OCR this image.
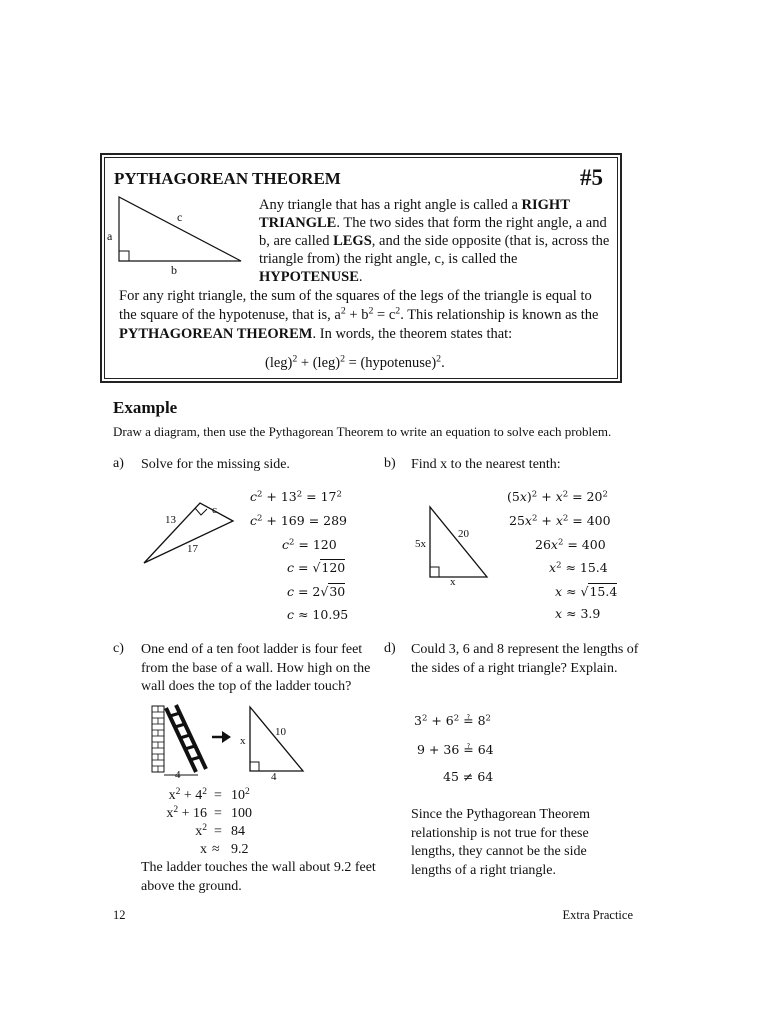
PYTHAGOREAN THEOREM	#5
a
c
b
Any triangle that has a right angle is called a RIGHT TRIANGLE. The two sides that form the right angle, a and b, are called LEGS, and the side opposite (that is, across the triangle from) the right angle, c, is called the HYPOTENUSE.
For any right triangle, the sum of the squares of the legs of the triangle is equal to the square of the hypotenuse, that is, $a^2 + b^2 = c^2$. This relationship is known as the PYTHAGOREAN THEOREM. In words, the theorem states that:
(leg)$^2$ + (leg)$^2$ = (hypotenuse)$^2$.
Example
Draw a diagram, then use the Pythagorean Theorem to write an equation to solve each problem.
a) Solve for the missing side.
13
c
17
$c^2 + 13^2 = 17^2$
$c^2 + 169 = 289$
$c^2 = 120$
c = √120
c = 2√30
c ≈ 10.95
b) Find x to the nearest tenth:
5x
20
x
$(5x)^2 + x^2 = 20^2$
$25x^2 + x^2 = 400$
$26x^2 = 400$
$x^2 \approx 15.4$
x ≈ √15.4
x ≈ 3.9
c) One end of a ten foot ladder is four feet from the base of a wall. How high on the wall does the top of the ladder touch?
4
10
x
4
$x^2 + 4^2 = 10^2$
$x^2 + 16 = 100$
$x^2 = 84$
x ≈ 9.2
The ladder touches the wall about 9.2 feet above the ground.
d) Could 3, 6 and 8 represent the lengths of the sides of a right triangle? Explain.
$3^2 + 6^2$ ≟ $8^2$
9 + 36 ≟ 64
45 ≠ 64
Since the Pythagorean Theorem relationship is not true for these lengths, they cannot be the side lengths of a right triangle.
12	Extra Practice
